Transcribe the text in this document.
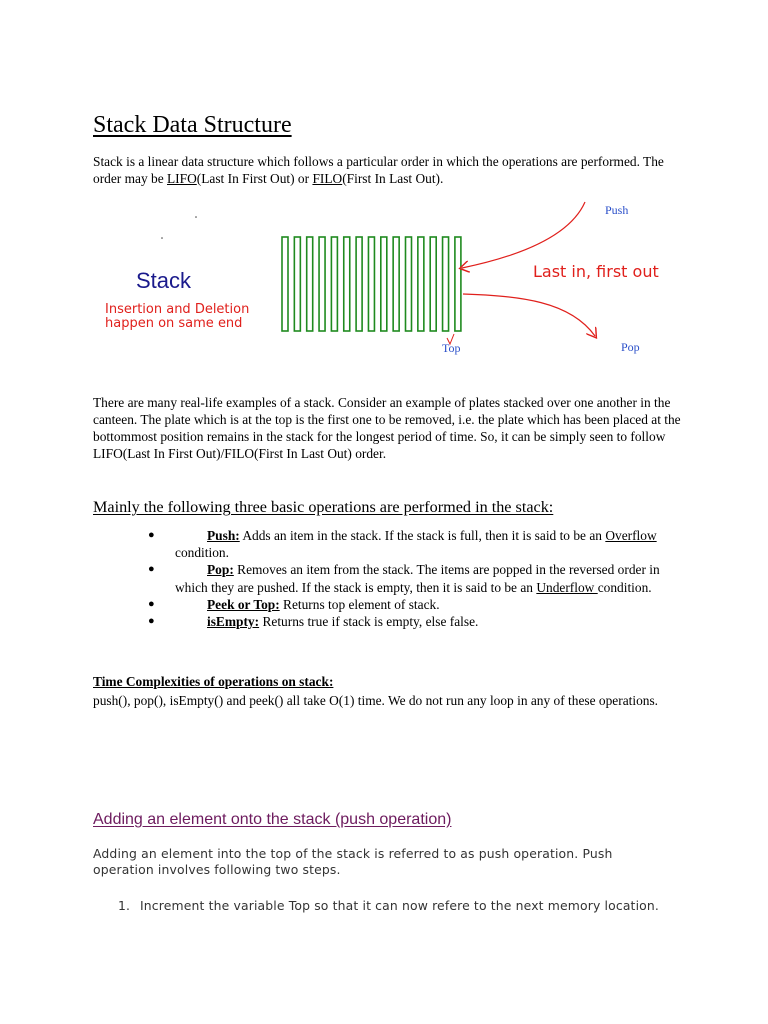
Stack Data Structure

Stack is a linear data structure which follows a particular order in which the operations are performed. The order may be LIFO(Last In First Out) or FILO(First In Last Out).

Stack
Insertion and Deletion
happen on same end
Push
Pop
Top
Last in, first out

There are many real-life examples of a stack. Consider an example of plates stacked over one another in the canteen. The plate which is at the top is the first one to be removed, i.e. the plate which has been placed at the bottommost position remains in the stack for the longest period of time. So, it can be simply seen to follow LIFO(Last In First Out)/FILO(First In Last Out) order.

Mainly the following three basic operations are performed in the stack:
●	Push: Adds an item in the stack. If the stack is full, then it is said to be an Overflow condition.
●	Pop: Removes an item from the stack. The items are popped in the reversed order in which they are pushed. If the stack is empty, then it is said to be an Underflow condition.
●	Peek or Top: Returns top element of stack.
●	isEmpty: Returns true if stack is empty, else false.
Time Complexities of operations on stack:

push(), pop(), isEmpty() and peek() all take O(1) time. We do not run any loop in any of these operations.

Adding an element onto the stack (push operation)

Adding an element into the top of the stack is referred to as push operation. Push operation involves following two steps.

1. Increment the variable Top so that it can now refere to the next memory location.
